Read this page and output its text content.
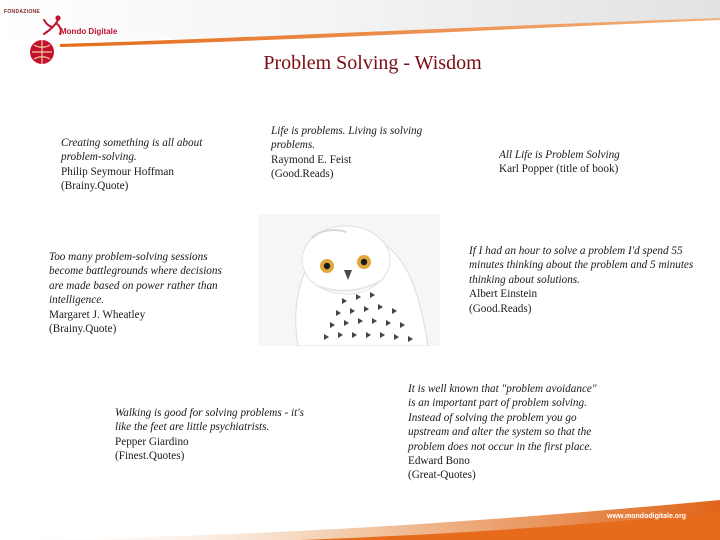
FONDAZIONE
Mondo Digitale
Problem Solving - Wisdom
Creating something is all about problem-solving.
Philip Seymour Hoffman
(Brainy.Quote)
Life is problems. Living is solving problems.
Raymond E. Feist
(Good.Reads)
All Life is Problem Solving
Karl Popper (title of book)
Too many problem-solving sessions become battlegrounds where decisions are made based on power rather than intelligence.
Margaret J. Wheatley
(Brainy.Quote)
If I had an hour to solve a problem I'd spend 55 minutes thinking about the problem and 5 minutes thinking about solutions.
Albert Einstein
(Good.Reads)
Walking is good for solving problems - it's like the feet are little psychiatrists.
Pepper Giardino
(Finest.Quotes)
It is well known that "problem avoidance" is an important part of problem solving. Instead of solving the problem you go upstream and alter the system so that the problem does not occur in the first place.
Edward Bono
(Great-Quotes)
www.mondodigitale.org
